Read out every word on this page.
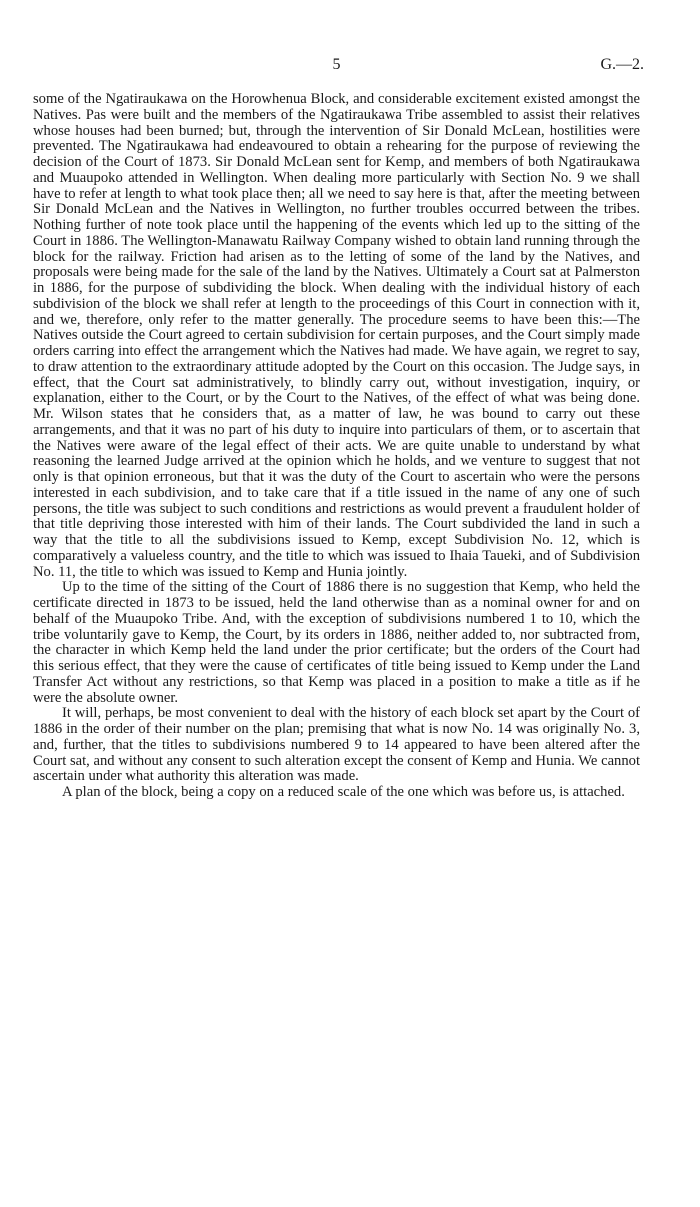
5	G.—2.

some of the Ngatiraukawa on the Horowhenua Block, and considerable excitement existed amongst the Natives. Pas were built and the members of the Ngatiraukawa Tribe assembled to assist their relatives whose houses had been burned; but, through the intervention of Sir Donald McLean, hostilities were prevented. The Ngatiraukawa had endeavoured to obtain a rehearing for the purpose of reviewing the decision of the Court of 1873. Sir Donald McLean sent for Kemp, and members of both Ngatiraukawa and Muaupoko attended in Wellington. When dealing more particularly with Section No. 9 we shall have to refer at length to what took place then; all we need to say here is that, after the meeting between Sir Donald McLean and the Natives in Wellington, no further troubles occurred between the tribes. Nothing further of note took place until the happening of the events which led up to the sitting of the Court in 1886. The Wellington-Manawatu Railway Company wished to obtain land running through the block for the railway. Friction had arisen as to the letting of some of the land by the Natives, and proposals were being made for the sale of the land by the Natives. Ultimately a Court sat at Palmerston in 1886, for the purpose of subdividing the block. When dealing with the individual history of each subdivision of the block we shall refer at length to the proceedings of this Court in connection with it, and we, therefore, only refer to the matter generally. The procedure seems to have been this:—The Natives outside the Court agreed to certain subdivision for certain purposes, and the Court simply made orders carring into effect the arrangement which the Natives had made. We have again, we regret to say, to draw attention to the extraordinary attitude adopted by the Court on this occasion. The Judge says, in effect, that the Court sat administratively, to blindly carry out, without investigation, inquiry, or explanation, either to the Court, or by the Court to the Natives, of the effect of what was being done. Mr. Wilson states that he considers that, as a matter of law, he was bound to carry out these arrangements, and that it was no part of his duty to inquire into particulars of them, or to ascertain that the Natives were aware of the legal effect of their acts. We are quite unable to understand by what reasoning the learned Judge arrived at the opinion which he holds, and we venture to suggest that not only is that opinion erroneous, but that it was the duty of the Court to ascertain who were the persons interested in each subdivision, and to take care that if a title issued in the name of any one of such persons, the title was subject to such conditions and restrictions as would prevent a fraudulent holder of that title depriving those interested with him of their lands. The Court subdivided the land in such a way that the title to all the subdivisions issued to Kemp, except Subdivision No. 12, which is comparatively a valueless country, and the title to which was issued to Ihaia Taueki, and of Subdivision No. 11, the title to which was issued to Kemp and Hunia jointly.

Up to the time of the sitting of the Court of 1886 there is no suggestion that Kemp, who held the certificate directed in 1873 to be issued, held the land otherwise than as a nominal owner for and on behalf of the Muaupoko Tribe. And, with the exception of subdivisions numbered 1 to 10, which the tribe voluntarily gave to Kemp, the Court, by its orders in 1886, neither added to, nor subtracted from, the character in which Kemp held the land under the prior certificate; but the orders of the Court had this serious effect, that they were the cause of certificates of title being issued to Kemp under the Land Transfer Act without any restrictions, so that Kemp was placed in a position to make a title as if he were the absolute owner.

It will, perhaps, be most convenient to deal with the history of each block set apart by the Court of 1886 in the order of their number on the plan; premising that what is now No. 14 was originally No. 3, and, further, that the titles to subdivisions numbered 9 to 14 appeared to have been altered after the Court sat, and without any consent to such alteration except the consent of Kemp and Hunia. We cannot ascertain under what authority this alteration was made.

A plan of the block, being a copy on a reduced scale of the one which was before us, is attached.
